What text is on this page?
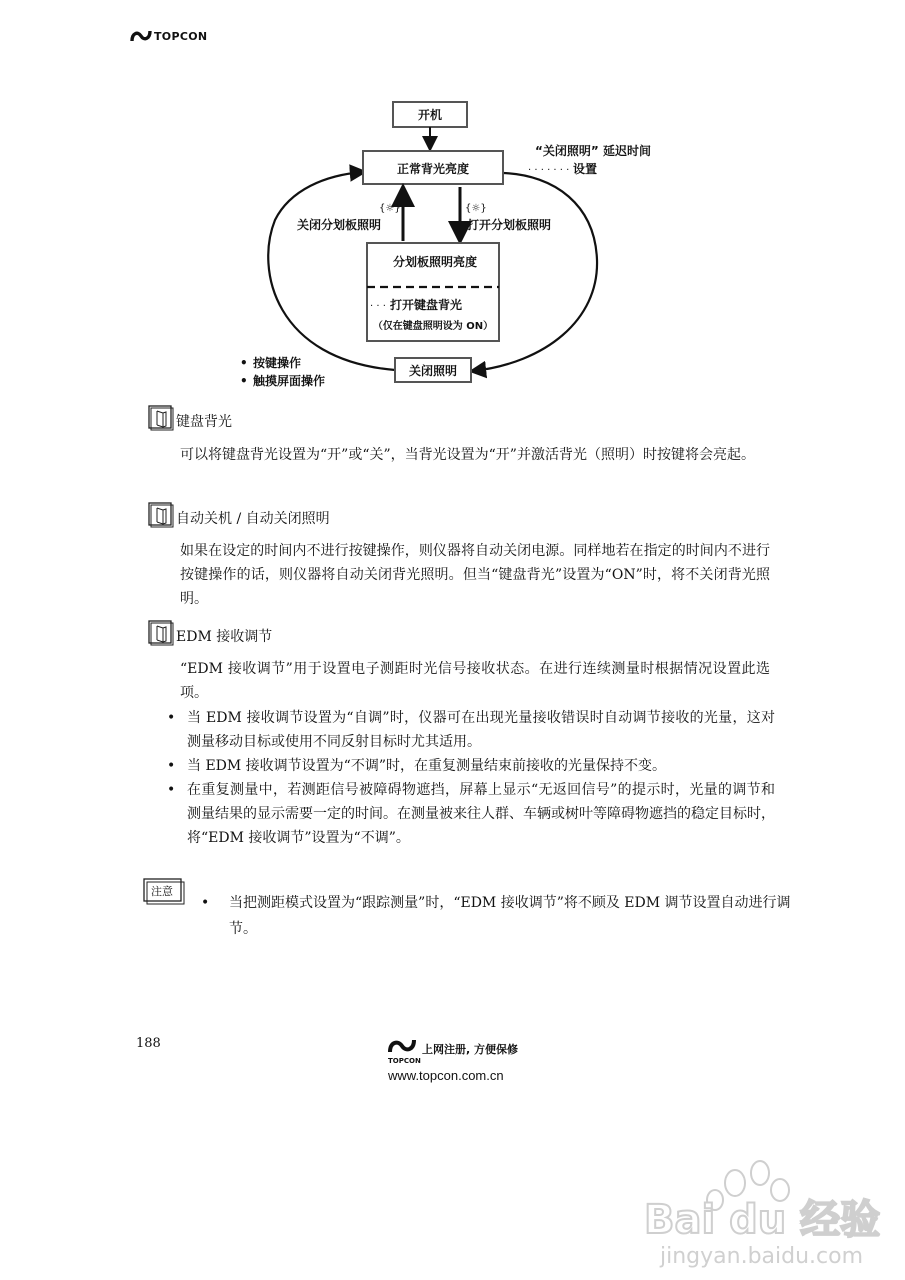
TOPCON
开机
正常背光亮度
“关闭照明” 延迟时间
· · · · · · · 设置
{☼}	{☼}
关闭分划板照明	打开分划板照明
分划板照明亮度
· · · 打开键盘背光
（仅在键盘照明设为 ON）
关闭照明
• 按键操作
• 触摸屏面操作
键盘背光
可以将键盘背光设置为“开”或“关”，当背光设置为“开”并激活背光（照明）时按键将会亮起。
自动关机 / 自动关闭照明
如果在设定的时间内不进行按键操作，则仪器将自动关闭电源。同样地若在指定的时间内不进行按键操作的话，则仪器将自动关闭背光照明。但当“键盘背光”设置为“ON”时，将不关闭背光照明。
EDM 接收调节
“EDM 接收调节”用于设置电子测距时光信号接收状态。在进行连续测量时根据情况设置此选项。
• 当 EDM 接收调节设置为“自调”时，仪器可在出现光量接收错误时自动调节接收的光量，这对测量移动目标或使用不同反射目标时尤其适用。
• 当 EDM 接收调节设置为“不调”时，在重复测量结束前接收的光量保持不变。
• 在重复测量中，若测距信号被障碍物遮挡，屏幕上显示“无返回信号”的提示时，光量的调节和测量结果的显示需要一定的时间。在测量被来往人群、车辆或树叶等障碍物遮挡的稳定目标时，将“EDM 接收调节”设置为“不调”。
注意
• 当把测距模式设置为“跟踪测量”时，“EDM 接收调节”将不顾及 EDM 调节设置自动进行调节。
188
TOPCON
上网注册, 方便保修
www.topcon.com.cn
Bai du 经验
jingyan.baidu.com
